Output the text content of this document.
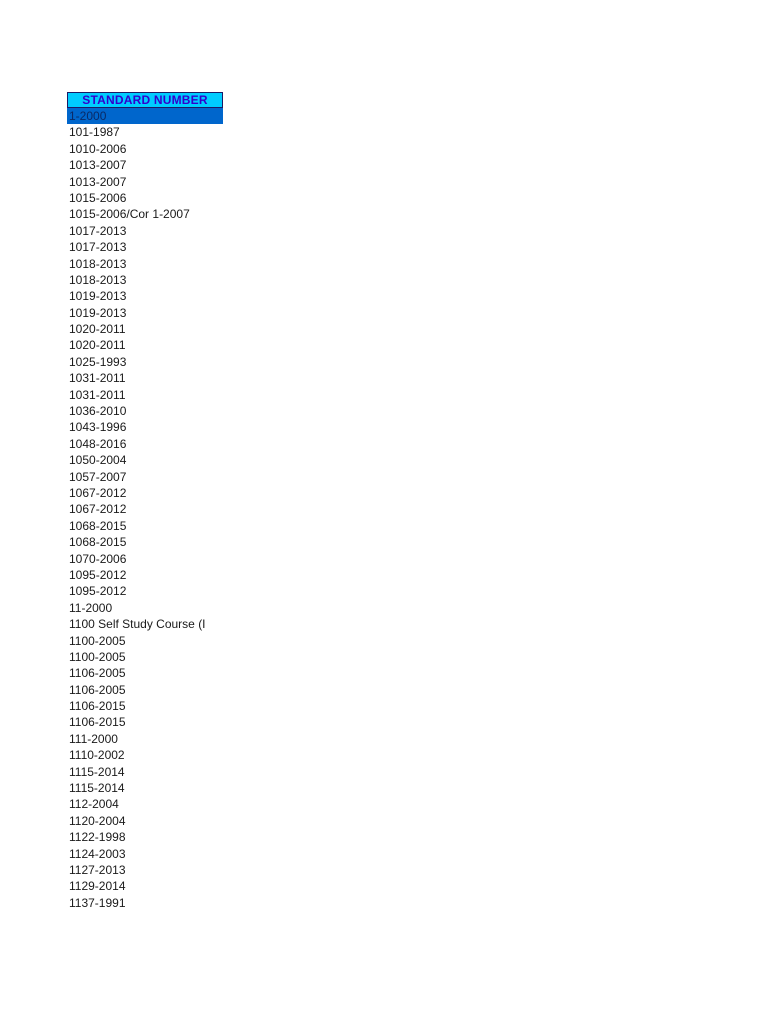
STANDARD NUMBER
1-2000
101-1987
1010-2006
1013-2007
1013-2007
1015-2006
1015-2006/Cor 1-2007
1017-2013
1017-2013
1018-2013
1018-2013
1019-2013
1019-2013
1020-2011
1020-2011
1025-1993
1031-2011
1031-2011
1036-2010
1043-1996
1048-2016
1050-2004
1057-2007
1067-2012
1067-2012
1068-2015
1068-2015
1070-2006
1095-2012
1095-2012
11-2000
1100 Self Study Course (I
1100-2005
1100-2005
1106-2005
1106-2005
1106-2015
1106-2015
111-2000
1110-2002
1115-2014
1115-2014
112-2004
1120-2004
1122-1998
1124-2003
1127-2013
1129-2014
1137-1991
